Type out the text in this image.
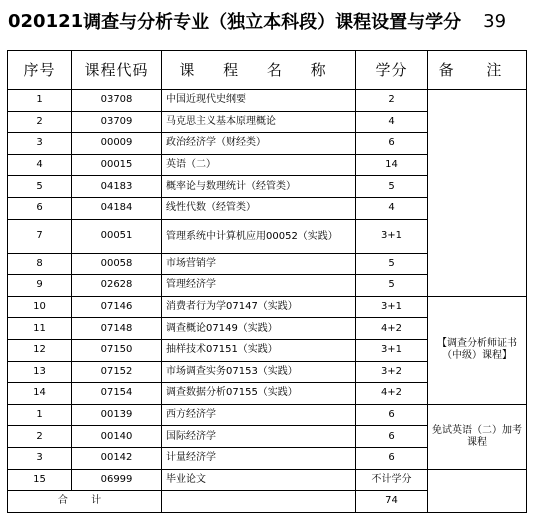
020121 调查与分析专业（独立本科段）课程设置与学分 39
序号	课程代码	课 程 名 称	学分	备 注
1	03708	中国近现代史纲要	2	
2	03709	马克思主义基本原理概论	4	
3	00009	政治经济学（财经类）	6	
4	00015	英语（二）	14	
5	04183	概率论与数理统计（经管类）	5	
6	04184	线性代数（经管类）	4	
7	00051	管理系统中计算机应用00052（实践）	3+1	
8	00058	市场营销学	5	
9	02628	管理经济学	5	
10	07146	消费者行为学07147（实践）	3+1	【调查分析师证书（中级）课程】
11	07148	调查概论07149（实践）	4+2	
12	07150	抽样技术07151（实践）	3+1	
13	07152	市场调查实务07153（实践）	3+2	
14	07154	调查数据分析07155（实践）	4+2	
1	00139	西方经济学	6	免试英语（二）加考课程
2	00140	国际经济学	6	
3	00142	计量经济学	6	
15	06999	毕业论文	不计学分	
合 计			74	
